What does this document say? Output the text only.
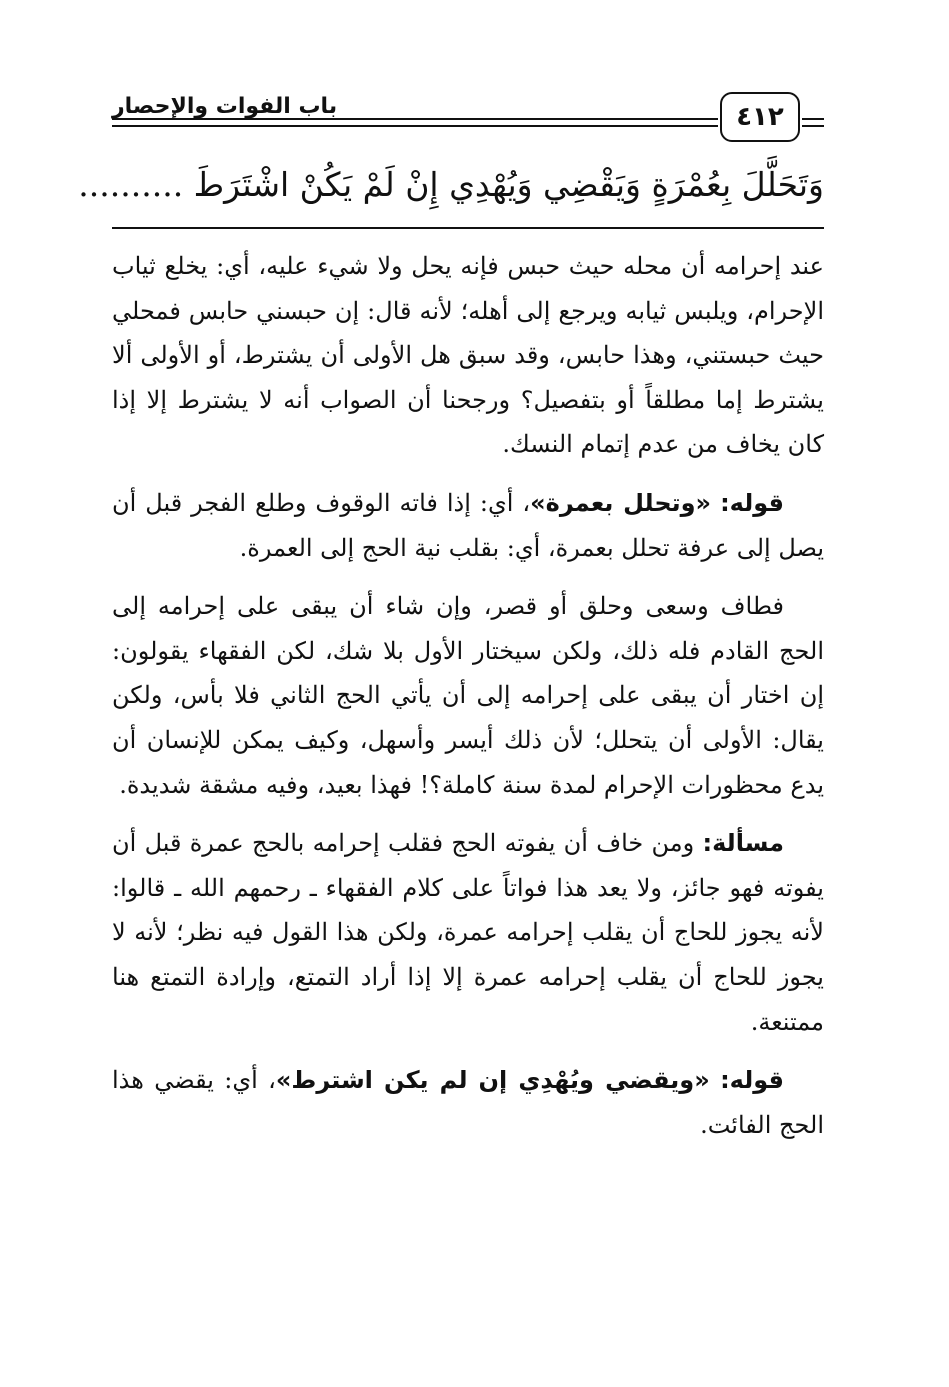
باب الفوات والإحصار	٤١٢
وَتَحَلَّلَ بِعُمْرَةٍ وَيَقْضِي وَيُهْدِي إِنْ لَمْ يَكُنْ اشْتَرَطَ ..........

عند إحرامه أن محله حيث حبس فإنه يحل ولا شيء عليه، أي: يخلع ثياب الإحرام، ويلبس ثيابه ويرجع إلى أهله؛ لأنه قال: إن حبسني حابس فمحلي حيث حبستني، وهذا حابس، وقد سبق هل الأولى أن يشترط، أو الأولى ألا يشترط إما مطلقاً أو بتفصيل؟ ورجحنا أن الصواب أنه لا يشترط إلا إذا كان يخاف من عدم إتمام النسك.

قوله: «وتحلل بعمرة»، أي: إذا فاته الوقوف وطلع الفجر قبل أن يصل إلى عرفة تحلل بعمرة، أي: بقلب نية الحج إلى العمرة.

فطاف وسعى وحلق أو قصر، وإن شاء أن يبقى على إحرامه إلى الحج القادم فله ذلك، ولكن سيختار الأول بلا شك، لكن الفقهاء يقولون: إن اختار أن يبقى على إحرامه إلى أن يأتي الحج الثاني فلا بأس، ولكن يقال: الأولى أن يتحلل؛ لأن ذلك أيسر وأسهل، وكيف يمكن للإنسان أن يدع محظورات الإحرام لمدة سنة كاملة؟! فهذا بعيد، وفيه مشقة شديدة.

مسألة: ومن خاف أن يفوته الحج فقلب إحرامه بالحج عمرة قبل أن يفوته فهو جائز، ولا يعد هذا فواتاً على كلام الفقهاء ـ رحمهم الله ـ قالوا: لأنه يجوز للحاج أن يقلب إحرامه عمرة، ولكن هذا القول فيه نظر؛ لأنه لا يجوز للحاج أن يقلب إحرامه عمرة إلا إذا أراد التمتع، وإرادة التمتع هنا ممتنعة.

قوله: «ويقضي ويُهْدِي إن لم يكن اشترط»، أي: يقضي هذا الحج الفائت.
